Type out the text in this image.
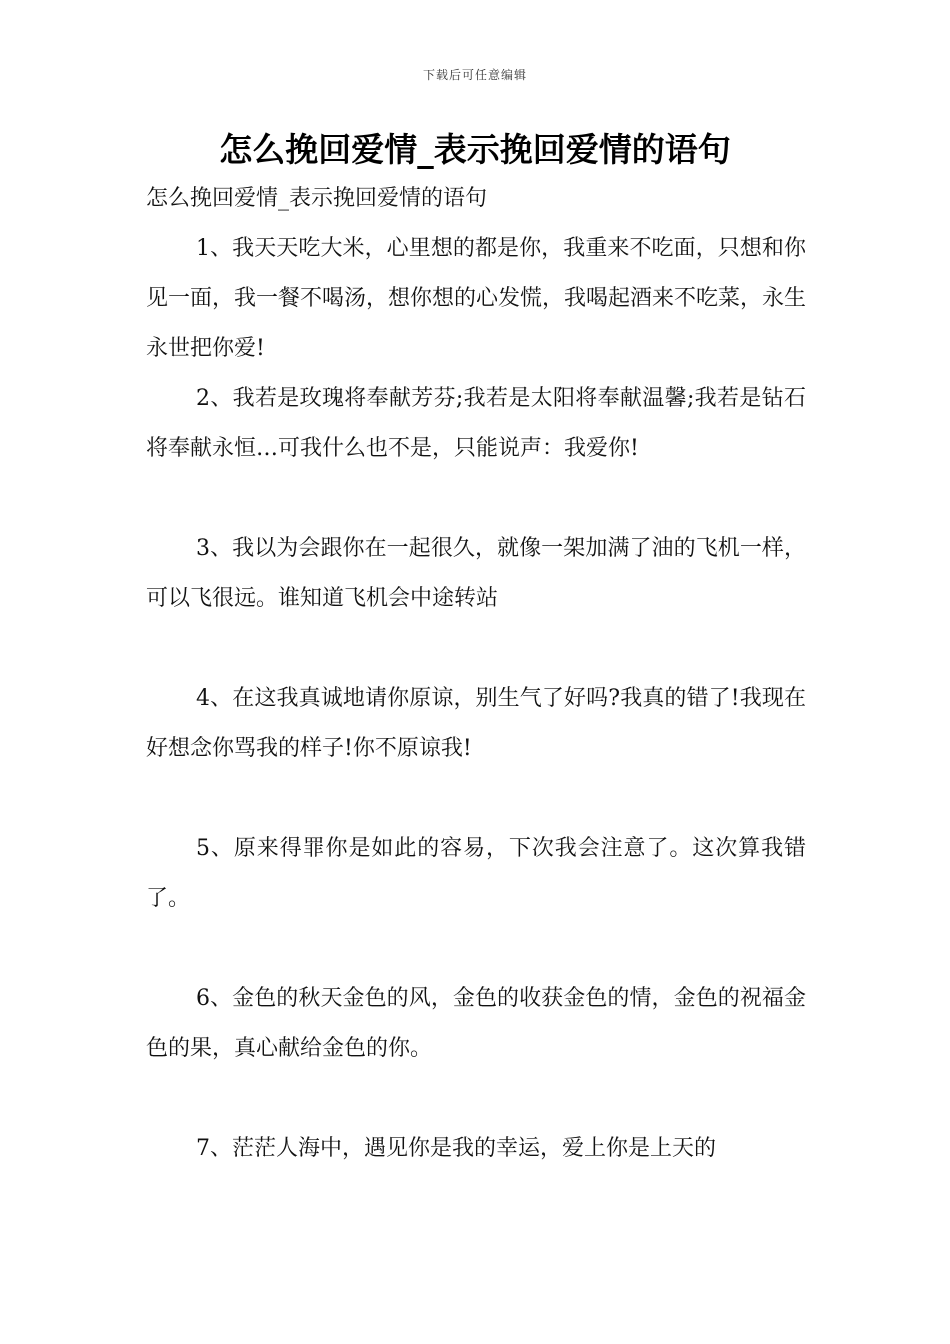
下载后可任意编辑
怎么挽回爱情_表示挽回爱情的语句

怎么挽回爱情_表示挽回爱情的语句

1、我天天吃大米，心里想的都是你，我重来不吃面，只想和你见一面，我一餐不喝汤，想你想的心发慌，我喝起酒来不吃菜，永生永世把你爱!

2、我若是玫瑰将奉献芳芬;我若是太阳将奉献温馨;我若是钻石将奉献永恒…可我什么也不是，只能说声：我爱你!

3、我以为会跟你在一起很久，就像一架加满了油的飞机一样，可以飞很远。谁知道飞机会中途转站

4、在这我真诚地请你原谅，别生气了好吗?我真的错了!我现在好想念你骂我的样子!你不原谅我!

5、原来得罪你是如此的容易，下次我会注意了。这次算我错了。

6、金色的秋天金色的风，金色的收获金色的情，金色的祝福金色的果，真心献给金色的你。

7、茫茫人海中，遇见你是我的幸运，爱上你是上天的
